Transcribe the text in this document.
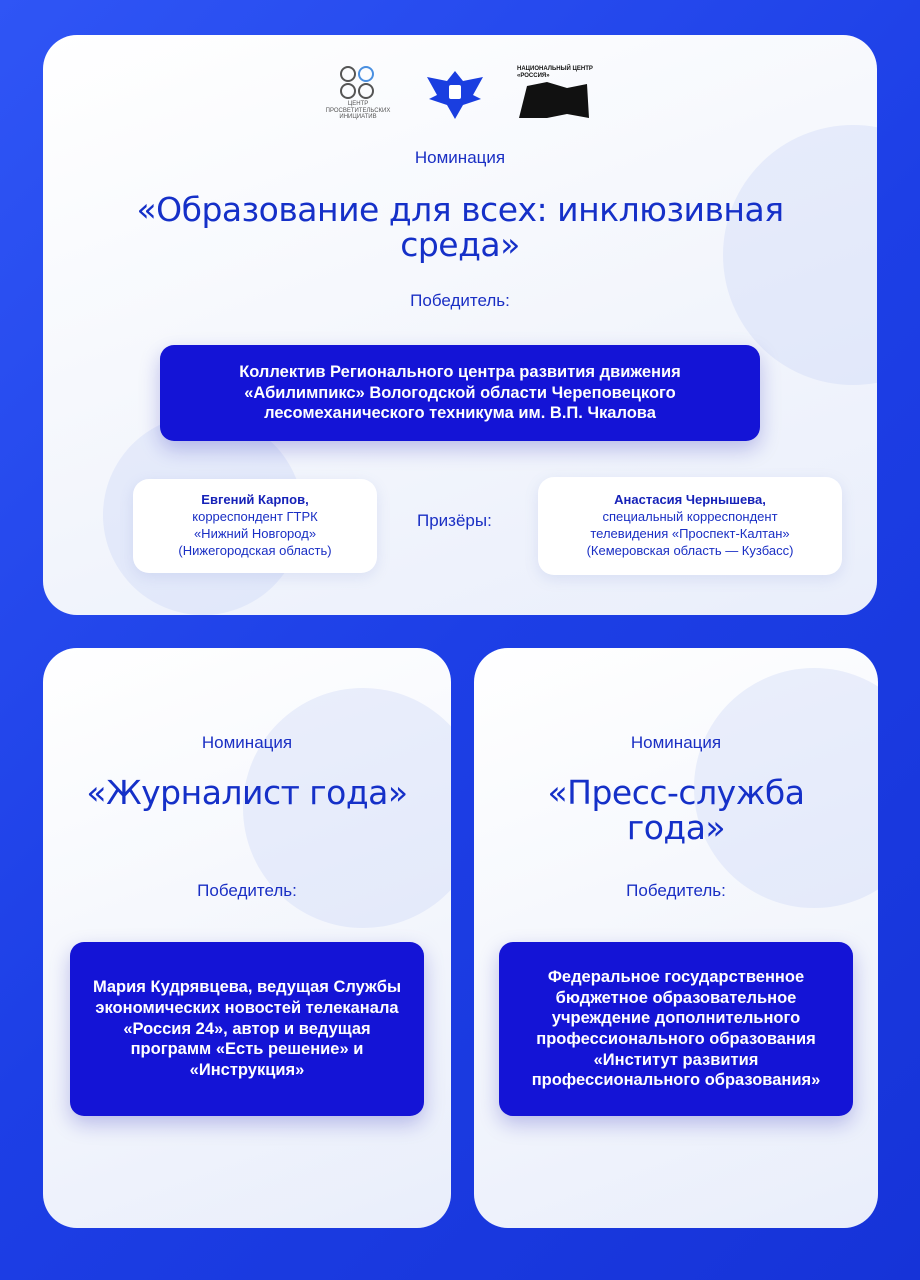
ЦЕНТР ПРОСВЕТИТЕЛЬСКИХ ИНИЦИАТИВ
НАЦИОНАЛЬНЫЙ ЦЕНТР «РОССИЯ»
Номинация
«Образование для всех: инклюзивная среда»
Победитель:
Коллектив Регионального центра развития движения «Абилимпикс» Вологодской области Череповецкого лесомеханического техникума им. В.П. Чкалова
Евгений Карпов,
корреспондент ГТРК
«Нижний Новгород»
(Нижегородская область)
Призёры:
Анастасия Чернышева,
специальный корреспондент
телевидения «Проспект-Калтан»
(Кемеровская область — Кузбасс)
Номинация
«Журналист года»
Победитель:
Мария Кудрявцева, ведущая Службы экономических новостей телеканала «Россия 24», автор и ведущая программ «Есть решение» и «Инструкция»
Номинация
«Пресс-служба года»
Победитель:
Федеральное государственное бюджетное образовательное учреждение дополнительного профессионального образования «Институт развития профессионального образования»
